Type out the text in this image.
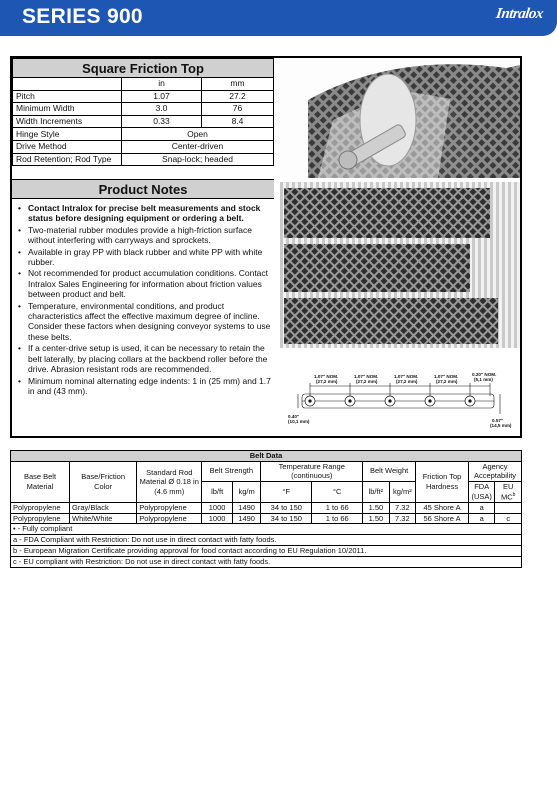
SERIES 900	Intralox
Square Friction Top		
	in	mm
Pitch	1.07	27.2
Minimum Width	3.0	76
Width Increments	0.33	8.4
Hinge Style	Open	
Drive Method	Center-driven	
Rod Retention; Rod Type	Snap-lock; headed	
Product Notes
• Contact Intralox for precise belt measurements and stock status before designing equipment or ordering a belt.
• Two-material rubber modules provide a high-friction surface without interfering with carryways and sprockets.
• Available in gray PP with black rubber and white PP with white rubber.
• Not recommended for product accumulation conditions. Contact Intralox Sales Engineering for information about friction values between product and belt.
• Temperature, environmental conditions, and product characteristics affect the effective maximum degree of incline. Consider these factors when designing conveyor systems to use these belts.
• If a center-drive setup is used, it can be necessary to retain the belt laterally, by placing collars at the backbend roller before the drive. Abrasion resistant rods are recommended.
• Minimum nominal alternating edge indents: 1 in (25 mm) and 1.7 in and (43 mm).
1.07" NOM.
(27,2 mm)
1.07" NOM.
(27,2 mm)
1.07" NOM.
(27,2 mm)
1.07" NOM.
(27,2 mm)
0.20" NOM.
(5,1 mm)
0.40"
(10,1 mm)	0.57"
(14,5 mm)
Belt Data											
Base Belt Material	Base/Friction Color	Standard Rod Material Ø 0.18 in (4.6 mm)	Belt Strength		Temperature Range (continuous)		Belt Weight		Friction Top Hardness	Agency Acceptability	
			lb/ft	kg/m	°F	°C	lb/ft²	kg/m²		FDA (USA)	EU $MC^b$
Polypropylene	Gray/Black	Polypropylene	1000	1490	34 to 150	1 to 66	1.50	7.32	45 Shore A	a	
Polypropylene	White/White	Polypropylene	1000	1490	34 to 150	1 to 66	1.50	7.32	56 Shore A	a	c
• - Fully compliant											
a - FDA Compliant with Restriction: Do not use in direct contact with fatty foods.											
b - European Migration Certificate providing approval for food contact according to EU Regulation 10/2011.											
c - EU compliant with Restriction: Do not use in direct contact with fatty foods.											
